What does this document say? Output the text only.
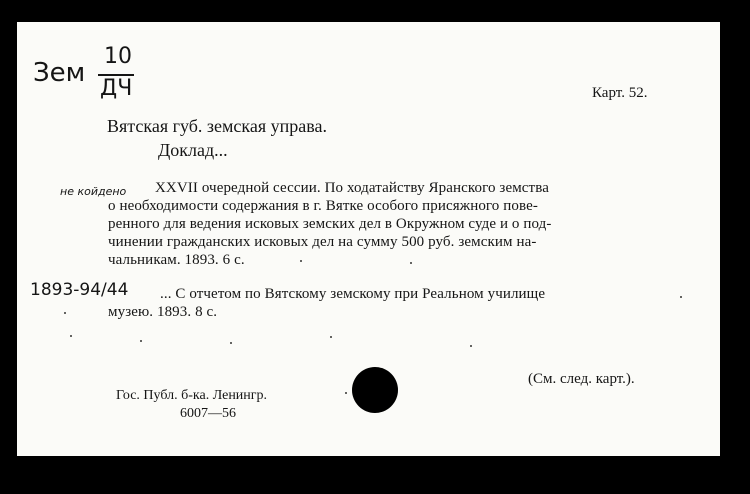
Зем
10
ДЧ	Карт. 52.
Вятская губ. земская управа.
Доклад...
не койдено XXVII очередной сессии. По ходатайству Яранского земства
о необходимости содержания в г. Вятке особого присяжного пове-
ренного для ведения исковых земских дел в Окружном суде и о под-
чинении гражданских исковых дел на сумму 500 руб. земским на-
чальникам. 1893. 6 с.
1893-94/44 ... С отчетом по Вятскому земскому при Реальном училище
музею. 1893. 8 с.
(См. след. карт.).
Гос. Публ. б-ка. Ленингр.
6007—56
